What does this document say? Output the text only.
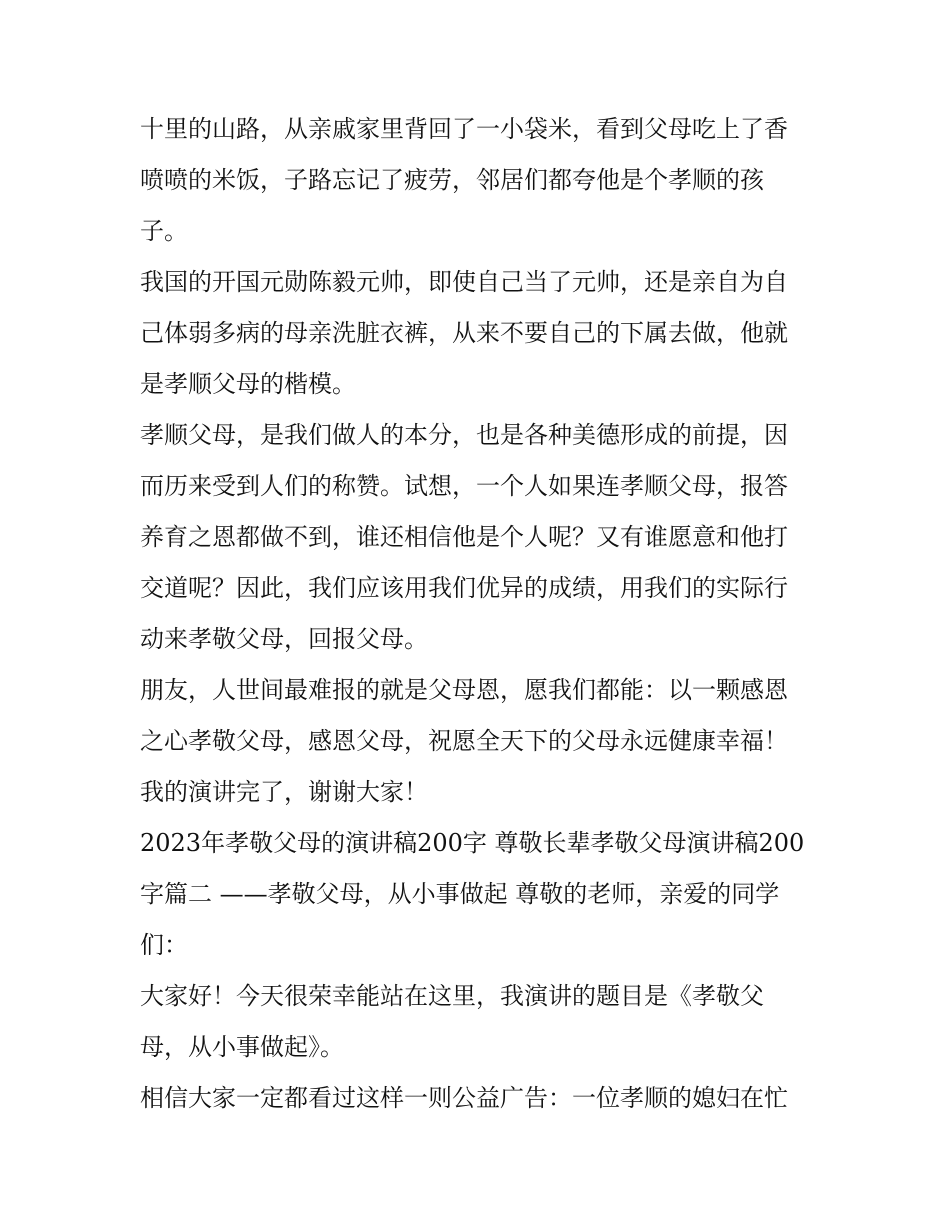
十里的山路，从亲戚家里背回了一小袋米，看到父母吃上了香
喷喷的米饭，子路忘记了疲劳，邻居们都夸他是个孝顺的孩
子。
我国的开国元勋陈毅元帅，即使自己当了元帅，还是亲自为自
己体弱多病的母亲洗脏衣裤，从来不要自己的下属去做，他就
是孝顺父母的楷模。
孝顺父母，是我们做人的本分，也是各种美德形成的前提，因
而历来受到人们的称赞。试想，一个人如果连孝顺父母，报答
养育之恩都做不到，谁还相信他是个人呢？又有谁愿意和他打
交道呢？因此，我们应该用我们优异的成绩，用我们的实际行
动来孝敬父母，回报父母。
朋友，人世间最难报的就是父母恩，愿我们都能：以一颗感恩
之心孝敬父母，感恩父母，祝愿全天下的父母永远健康幸福！
我的演讲完了，谢谢大家！
2023年孝敬父母的演讲稿200字 尊敬长辈孝敬父母演讲稿200
字篇二 ——孝敬父母，从小事做起 尊敬的老师，亲爱的同学
们：
大家好！今天很荣幸能站在这里，我演讲的题目是《孝敬父
母，从小事做起》。
相信大家一定都看过这样一则公益广告：一位孝顺的媳妇在忙
